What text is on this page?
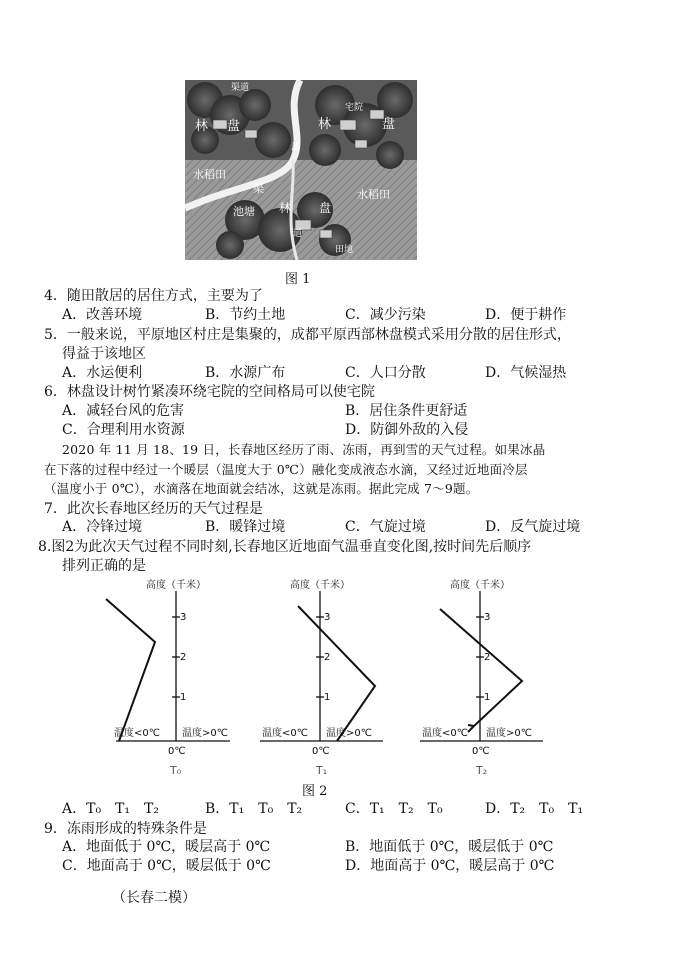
渠道
林 盘	林	盘
宅院
溪
水稻田
水稻田
渠
池塘 林 盘
道
田地
图 1
4．随田散居的居住方式，主要为了
A．改善环境	B．节约土地	C．减少污染	D．便于耕作
5．一般来说，平原地区村庄是集聚的，成都平原西部林盘模式采用分散的居住形式，
得益于该地区
A．水运便利	B．水源广布	C．人口分散	D．气候湿热
6．林盘设计树竹紧凑环绕宅院的空间格局可以使宅院
A．减轻台风的危害	B．居住条件更舒适
C．合理利用水资源	D．防御外敌的入侵
2020 年 11 月 18、19 日，长春地区经历了雨、冻雨，再到雪的天气过程。如果冰晶
在下落的过程中经过一个暖层（温度大于 0℃）融化变成液态水滴，又经过近地面冷层
（温度小于 0℃），水滴落在地面就会结冰，这就是冻雨。据此完成 7～9题。
7．此次长春地区经历的天气过程是
A．冷锋过境	B．暖锋过境	C．气旋过境	D．反气旋过境
8.图2为此次天气过程不同时刻,长春地区近地面气温垂直变化图,按时间先后顺序
排列正确的是
高度（千米）
1
2
3
温度<0℃ 温度>0℃
0℃
T₀
高度（千米）
1
2
3
温度<0℃ 温度>0℃
0℃
T₁
高度（千米）
1
2
3
温度<0℃ 温度>0℃
0℃
T₂
图 2
A．T₀　T₁　T₂	B．T₁　T₀　T₂	C．T₁　T₂　T₀	D．T₂　T₀　T₁
9．冻雨形成的特殊条件是
A．地面低于 0℃，暖层高于 0℃	B．地面低于 0℃，暖层低于 0℃
C．地面高于 0℃，暖层低于 0℃	D．地面高于 0℃，暖层高于 0℃
（长春二模）
